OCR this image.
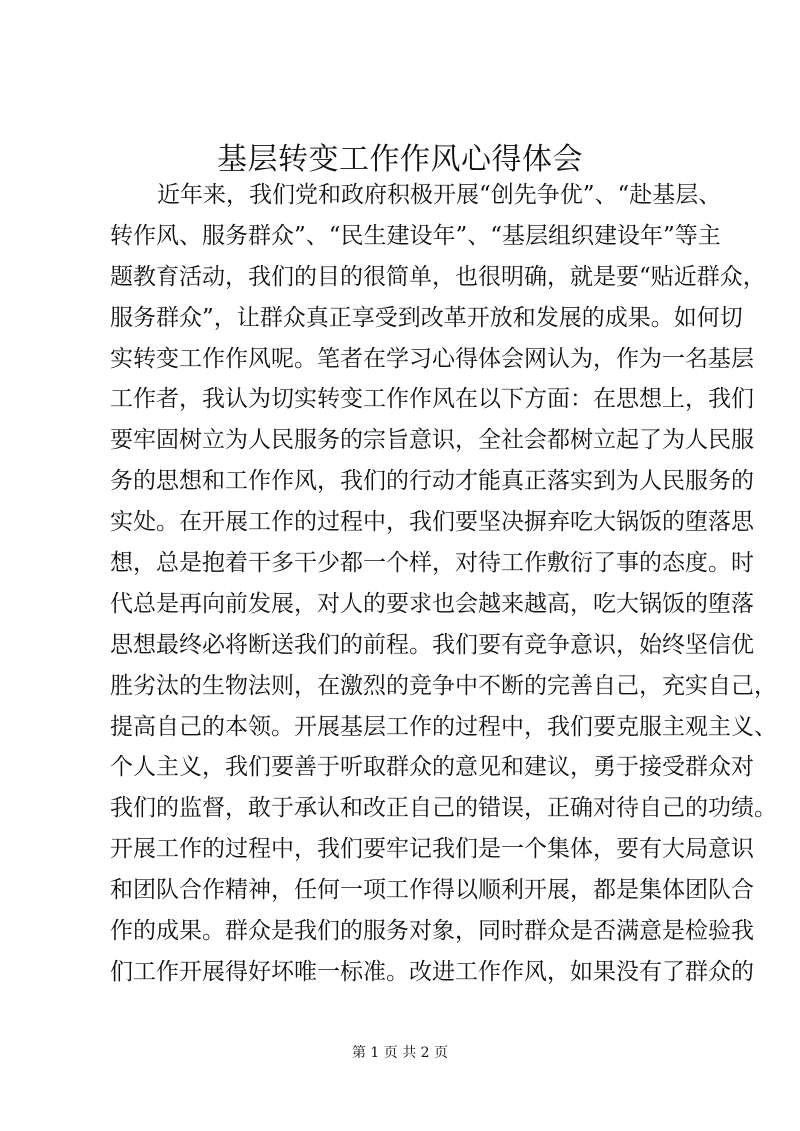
基层转变工作作风心得体会
近年来，我们党和政府积极开展“创先争优”、“赴基层、
转作风、服务群众”、“民生建设年”、“基层组织建设年”等主
题教育活动，我们的目的很简单，也很明确，就是要“贴近群众，
服务群众”，让群众真正享受到改革开放和发展的成果。如何切
实转变工作作风呢。笔者在学习心得体会网认为，作为一名基层
工作者，我认为切实转变工作作风在以下方面：在思想上，我们
要牢固树立为人民服务的宗旨意识，全社会都树立起了为人民服
务的思想和工作作风，我们的行动才能真正落实到为人民服务的
实处。在开展工作的过程中，我们要坚决摒弃吃大锅饭的堕落思
想，总是抱着干多干少都一个样，对待工作敷衍了事的态度。时
代总是再向前发展，对人的要求也会越来越高，吃大锅饭的堕落
思想最终必将断送我们的前程。我们要有竞争意识，始终坚信优
胜劣汰的生物法则，在激烈的竞争中不断的完善自己，充实自己，
提高自己的本领。开展基层工作的过程中，我们要克服主观主义、
个人主义，我们要善于听取群众的意见和建议，勇于接受群众对
我们的监督，敢于承认和改正自己的错误，正确对待自己的功绩。
开展工作的过程中，我们要牢记我们是一个集体，要有大局意识
和团队合作精神，任何一项工作得以顺利开展，都是集体团队合
作的成果。群众是我们的服务对象，同时群众是否满意是检验我
们工作开展得好坏唯一标准。改进工作作风，如果没有了群众的
第 1 页 共 2 页
